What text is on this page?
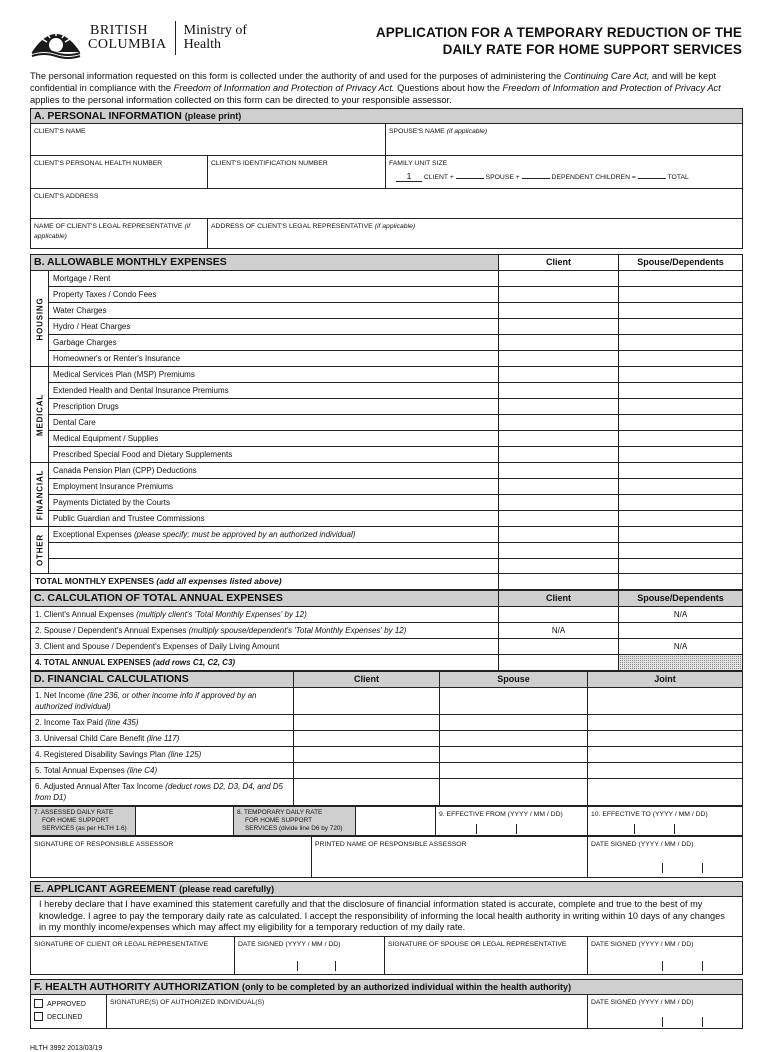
BRITISH
COLUMBIA
Ministry of
Health
APPLICATION FOR A TEMPORARY REDUCTION OF THE
DAILY RATE FOR HOME SUPPORT SERVICES

The personal information requested on this form is collected under the authority of and used for the purposes of administering the Continuing Care Act, and will be kept confidential in compliance with the Freedom of Information and Protection of Privacy Act. Questions about how the Freedom of Information and Protection of Privacy Act applies to the personal information collected on this form can be directed to your responsible assessor.

A. PERSONAL INFORMATION (please print)		
CLIENT'S NAME		SPOUSE'S NAME (if applicable)
CLIENT'S PERSONAL HEALTH NUMBER	CLIENT'S IDENTIFICATION NUMBER	FAMILY UNIT SIZE
1 CLIENT + SPOUSE + DEPENDENT CHILDREN = TOTAL

CLIENT'S ADDRESS		
NAME OF CLIENT'S LEGAL REPRESENTATIVE (if applicable)	ADDRESS OF CLIENT'S LEGAL REPRESENTATIVE (if applicable)	
B. ALLOWABLE MONTHLY EXPENSES		Client	Spouse/Dependents

HOUSING	Mortgage / Rent		
	Property Taxes / Condo Fees		
	Water Charges		
	Hydro / Heat Charges		
	Garbage Charges		
	Homeowner's or Renter's Insurance		

MEDICAL	Medical Services Plan (MSP) Premiums		
	Extended Health and Dental Insurance Premiums		
	Prescription Drugs		
	Dental Care		
	Medical Equipment / Supplies		
	Prescribed Special Food and Dietary Supplements		

FINANCIAL	Canada Pension Plan (CPP) Deductions		
	Employment Insurance Premiums		
	Payments Dictated by the Courts		
	Public Guardian and Trustee Commissions		

OTHER	Exceptional Expenses (please specify; must be approved by an authorized individual)		

TOTAL MONTHLY EXPENSES (add all expenses listed above)			
C. CALCULATION OF TOTAL ANNUAL EXPENSES	Client	Spouse/Dependents
1. Client's Annual Expenses (multiply client's 'Total Monthly Expenses' by 12)		N/A
2. Spouse / Dependent's Annual Expenses (multiply spouse/dependent's 'Total Monthly Expenses' by 12)	N/A	
3. Client and Spouse / Dependent's Expenses of Daily Living Amount		N/A
4. TOTAL ANNUAL EXPENSES (add rows C1, C2, C3)		
D. FINANCIAL CALCULATIONS	Client	Spouse	Joint
1. Net Income (line 236, or other income info if approved by an authorized individual)			
2. Income Tax Paid (line 435)			
3. Universal Child Care Benefit (line 117)			
4. Registered Disability Savings Plan (line 125)			
5. Total Annual Expenses (line C4)			
6. Adjusted Annual After Tax Income (deduct rows D2, D3, D4, and D5 from D1)			
7. ASSESSED DAILY RATE
FOR HOME SUPPORT
SERVICES (as per HLTH 1.6)

8. TEMPORARY DAILY RATE
FOR HOME SUPPORT
SERVICES (divide line D6 by 720)
	9. EFFECTIVE FROM (YYYY / MM / DD)	10. EFFECTIVE TO (YYYY / MM / DD)
SIGNATURE OF RESPONSIBLE ASSESSOR	PRINTED NAME OF RESPONSIBLE ASSESSOR	DATE SIGNED (YYYY / MM / DD)
E. APPLICANT AGREEMENT (please read carefully)
I hereby declare that I have examined this statement carefully and that the disclosure of financial information stated is accurate, complete and true to the best of my knowledge. I agree to pay the temporary daily rate as calculated. I accept the responsibility of informing the local health authority in writing within 10 days of any changes in my monthly income/expenses which may affect my eligibility for a temporary reduction of my daily rate.
SIGNATURE OF CLIENT OR LEGAL REPRESENTATIVE	DATE SIGNED (YYYY / MM / DD)	SIGNATURE OF SPOUSE OR LEGAL REPRESENTATIVE	DATE SIGNED (YYYY / MM / DD)
F. HEALTH AUTHORITY AUTHORIZATION (only to be completed by an authorized individual within the health authority)

APPROVED
DECLINED
	SIGNATURE(S) OF AUTHORIZED INDIVIDUAL(S)	DATE SIGNED (YYYY / MM / DD)
HLTH 3992 2013/03/19
